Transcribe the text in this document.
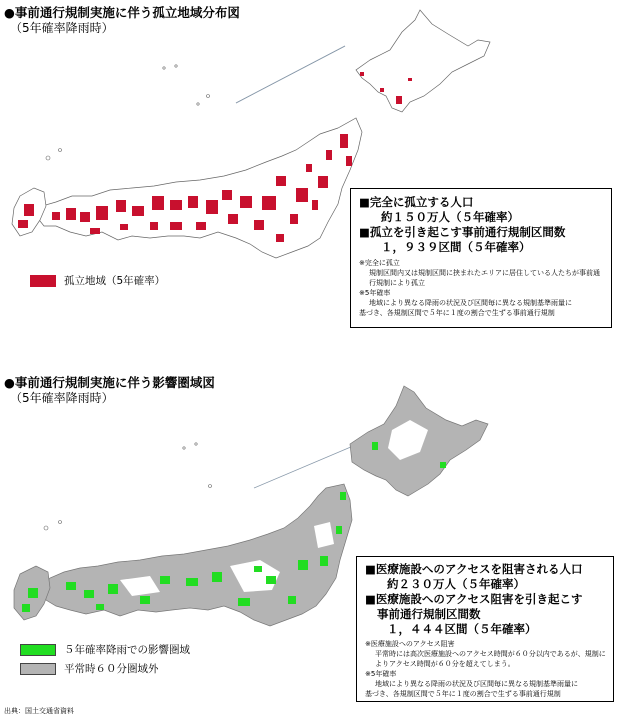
●事前通行規制実施に伴う孤立地域分布図
（5年確率降雨時）
孤立地域（5年確率）
■完全に孤立する人口
約１５０万人（５年確率）
■孤立を引き起こす事前通行規制区間数
１，９３９区間（５年確率）
※完全に孤立
規制区間内又は規制区間に挟まれたエリアに居住している人たちが事前通行規制により孤立
※5年確率
地域により異なる降雨の状況及び区間毎に異なる規制基準雨量に
基づき、各規制区間で５年に１度の割合で生ずる事前通行規制
●事前通行規制実施に伴う影響圏域図
（5年確率降雨時）
５年確率降雨での影響圏域
平常時６０分圏域外
■医療施設へのアクセスを阻害される人口
約２３０万人（５年確率）
■医療施設へのアクセス阻害を引き起こす
事前通行規制区間数
１，４４４区間（５年確率）
※医療施設へのアクセス阻害
平常時には高次医療施設へのアクセス時間が６０分以内であるが、規制によりアクセス時間が６０分を超えてしまう。
※5年確率
地域により異なる降雨の状況及び区間毎に異なる規制基準雨量に
基づき、各規制区間で５年に１度の割合で生ずる事前通行規制
出典：国土交通省資料
